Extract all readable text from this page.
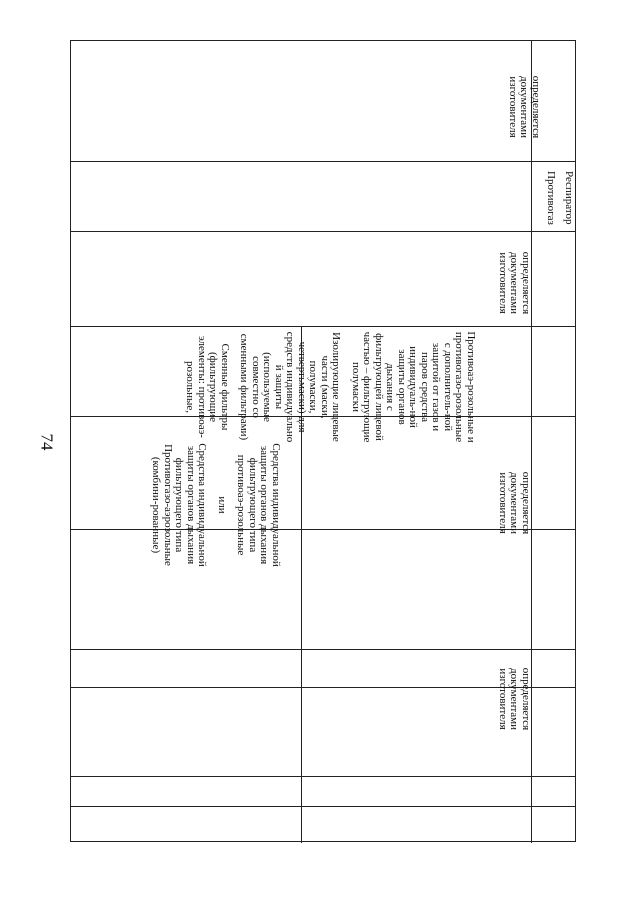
74

Средства индивидуальной защиты органов дыхания фильтрующего типа противоаэ-розольные

или

Средства индивидуальной защиты органов дыхания фильтрующего типа Противогазо-аэрозольные (комбини-рованные)

Противоаэ-розольные и противогазо-розольные с дополнитель-ной защитой от газов и паров средства индивидуаль-ной защиты органов дыхания с фильтрующей лицевой частью – фильтрующие полумаски

Изолирующие лицевые части (маски, полумаски, четвертьмаски) для средств индивидуально й защиты (используемые совместно со сменными фильтрами)

Сменные фильтры (фильтрующие элементы: противоаэ-розольные,

определяется документами изготовителя

определяется документами изготовителя

определяется документами изготовителя

Респиратор

Противогаз

определяется документами изготовителя
